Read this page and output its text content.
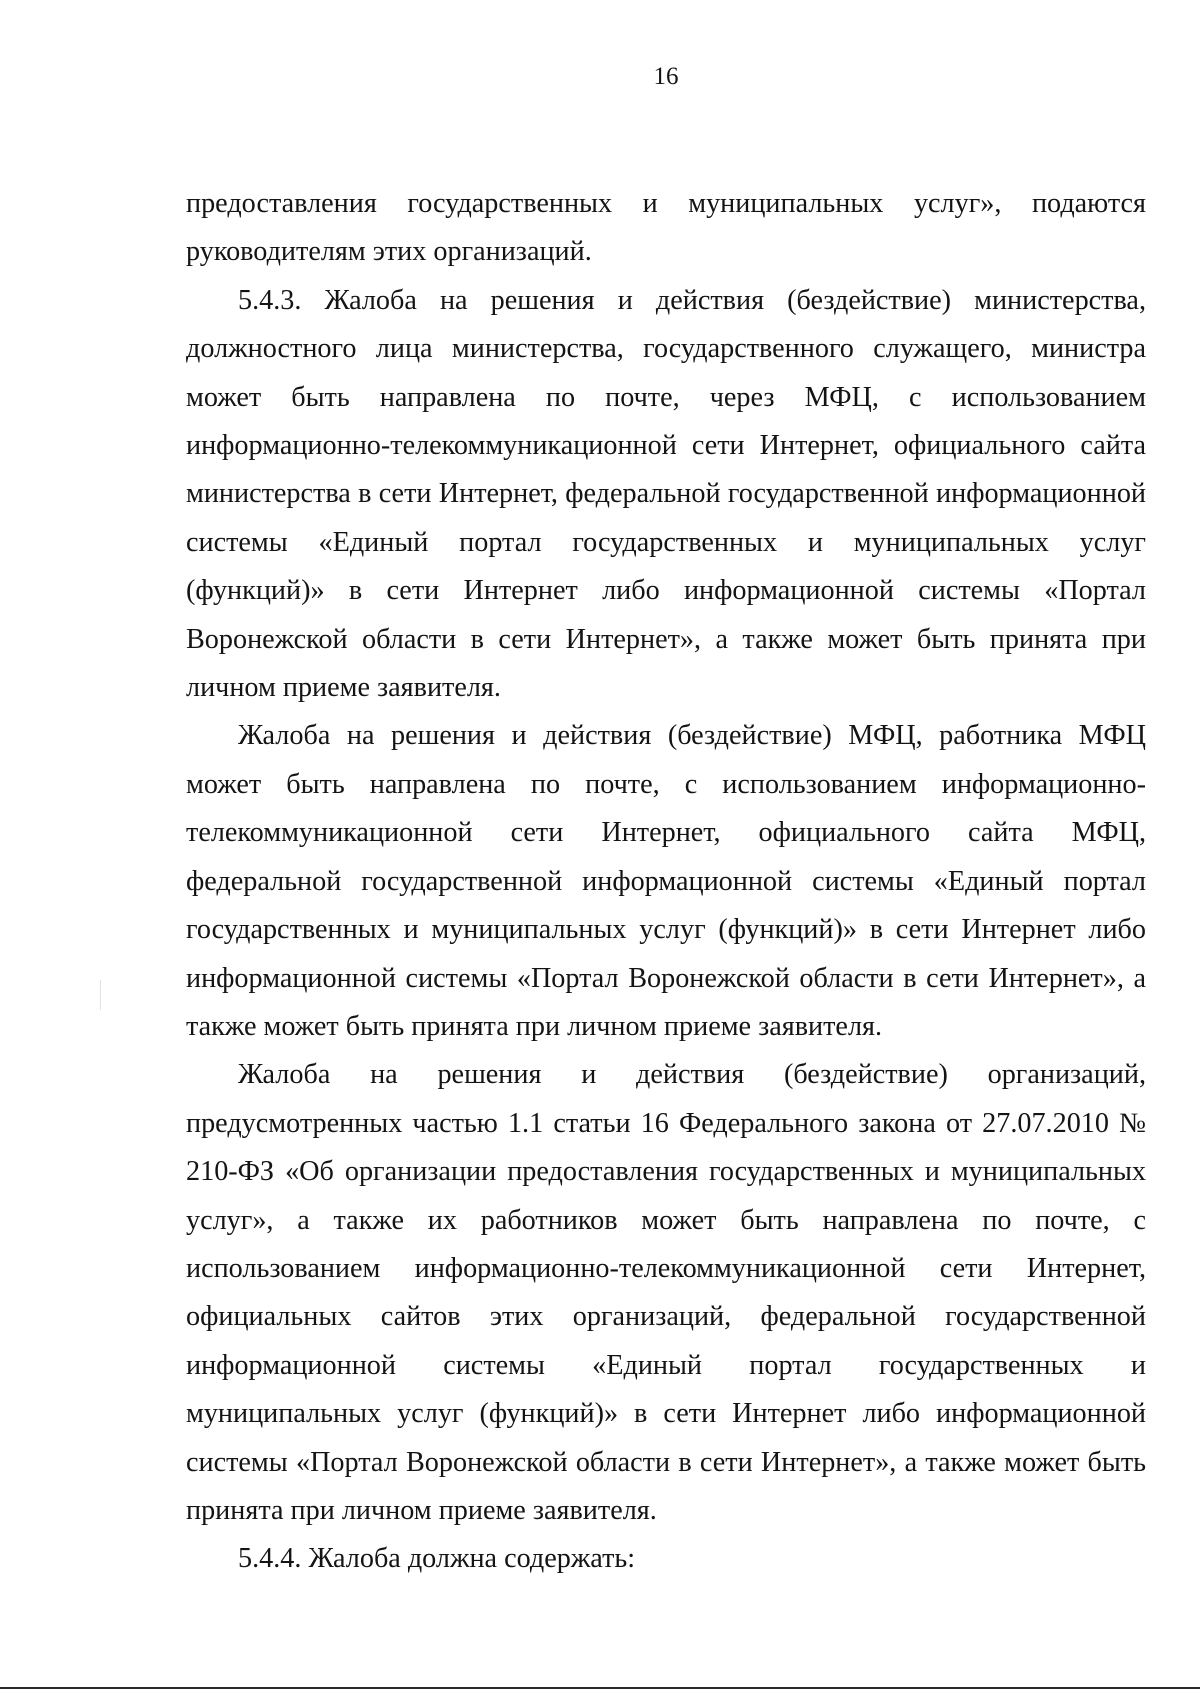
16

предоставления государственных и муниципальных услуг», подаются руководителям этих организаций.

5.4.3. Жалоба на решения и действия (бездействие) министерства, должностного лица министерства, государственного служащего, министра может быть направлена по почте, через МФЦ, с использованием информационно-телекоммуникационной сети Интернет, официального сайта министерства в сети Интернет, федеральной государственной информационной системы «Единый портал государственных и муниципальных услуг (функций)» в сети Интернет либо информационной системы «Портал Воронежской области в сети Интернет», а также может быть принята при личном приеме заявителя.

Жалоба на решения и действия (бездействие) МФЦ, работника МФЦ может быть направлена по почте, с использованием информационно-телекоммуникационной сети Интернет, официального сайта МФЦ, федеральной государственной информационной системы «Единый портал государственных и муниципальных услуг (функций)» в сети Интернет либо информационной системы «Портал Воронежской области в сети Интернет», а также может быть принята при личном приеме заявителя.

Жалоба на решения и действия (бездействие) организаций, предусмотренных частью 1.1 статьи 16 Федерального закона от 27.07.2010 № 210-ФЗ «Об организации предоставления государственных и муниципальных услуг», а также их работников может быть направлена по почте, с использованием информационно-телекоммуникационной сети Интернет, официальных сайтов этих организаций, федеральной государственной информационной системы «Единый портал государственных и муниципальных услуг (функций)» в сети Интернет либо информационной системы «Портал Воронежской области в сети Интернет», а также может быть принята при личном приеме заявителя.

5.4.4. Жалоба должна содержать:
